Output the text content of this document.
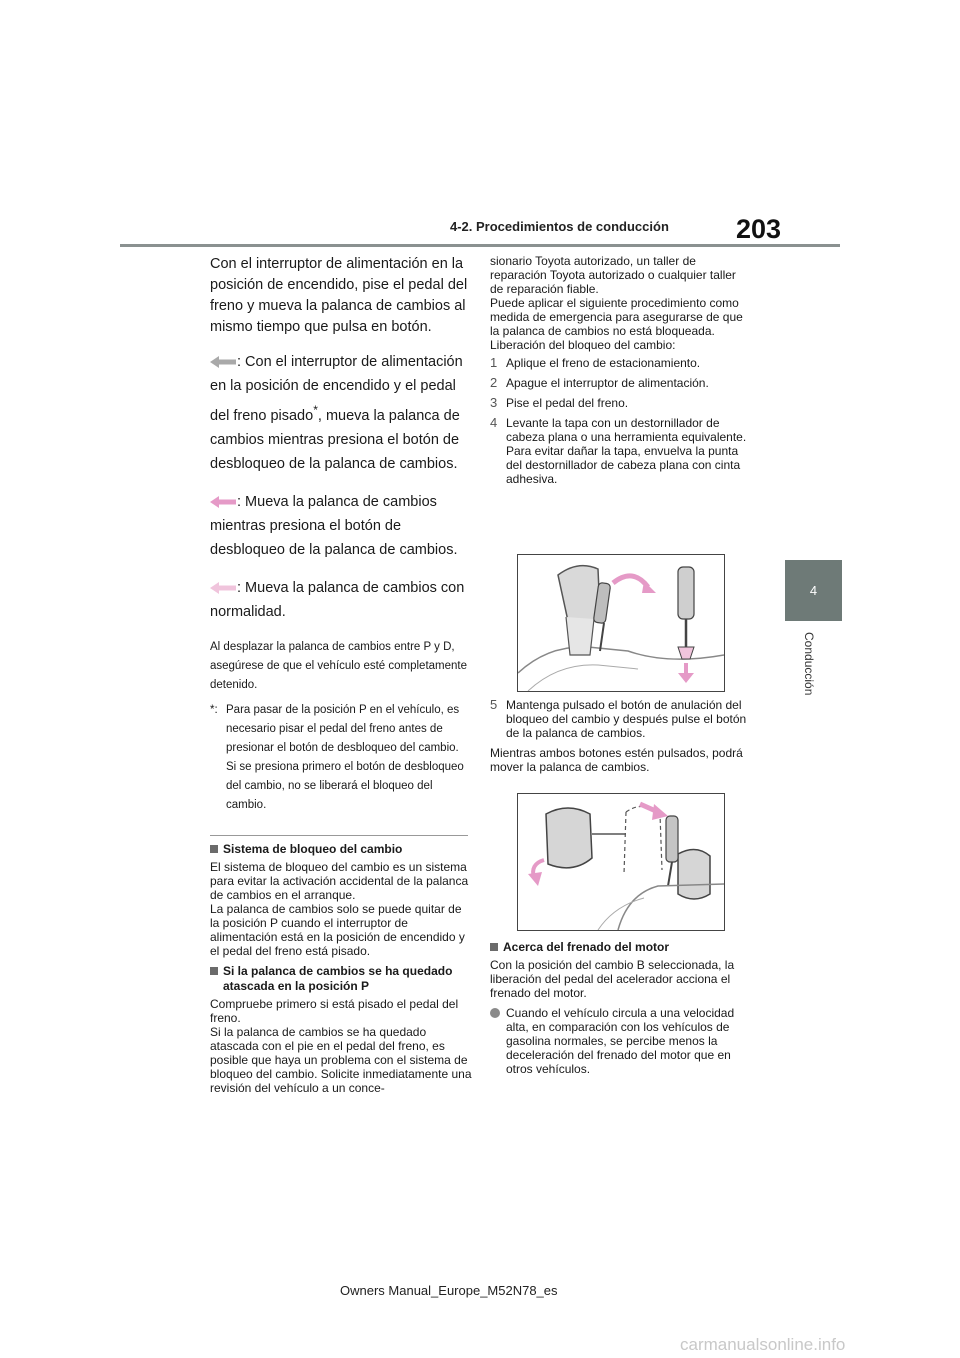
203
4-2. Procedimientos de conducción
4
Conducción

Con el interruptor de alimentación en la posición de encendido, pise el pedal del freno y mueva la palanca de cambios al mismo tiempo que pulsa en botón.

: Con el interruptor de alimentación en la posición de encendido y el pedal del freno pisado*, mueva la palanca de cambios mientras presiona el botón de desbloqueo de la palanca de cambios.

: Mueva la palanca de cambios mientras presiona el botón de desbloqueo de la palanca de cambios.

: Mueva la palanca de cambios con normalidad.

Al desplazar la palanca de cambios entre P y D, asegúrese de que el vehículo esté completamente detenido.

*: Para pasar de la posición P en el vehículo, es necesario pisar el pedal del freno antes de presionar el botón de desbloqueo del cambio. Si se presiona primero el botón de desbloqueo del cambio, no se liberará el bloqueo del cambio.
Sistema de bloqueo del cambio

El sistema de bloqueo del cambio es un sistema para evitar la activación accidental de la palanca de cambios en el arranque.
La palanca de cambios solo se puede quitar de la posición P cuando el interruptor de alimentación está en la posición de encendido y el pedal del freno está pisado.

Si la palanca de cambios se ha quedado atascada en la posición P

Compruebe primero si está pisado el pedal del freno.
Si la palanca de cambios se ha quedado atascada con el pie en el pedal del freno, es posible que haya un problema con el sistema de bloqueo del cambio. Solicite inmediatamente una revisión del vehículo a un conce-

sionario Toyota autorizado, un taller de reparación Toyota autorizado o cualquier taller de reparación fiable.
Puede aplicar el siguiente procedimiento como medida de emergencia para asegurarse de que la palanca de cambios no está bloqueada.
Liberación del bloqueo del cambio:

1 Aplique el freno de estacionamiento.
2 Apague el interruptor de alimentación.
3 Pise el pedal del freno.
4 Levante la tapa con un destornillador de cabeza plana o una herramienta equivalente.
Para evitar dañar la tapa, envuelva la punta del destornillador de cabeza plana con cinta adhesiva.
5 Mantenga pulsado el botón de anulación del bloqueo del cambio y después pulse el botón de la palanca de cambios.

Mientras ambos botones estén pulsados, podrá mover la palanca de cambios.

Acerca del frenado del motor

Con la posición del cambio B seleccionada, la liberación del pedal del acelerador acciona el frenado del motor.

Cuando el vehículo circula a una velocidad alta, en comparación con los vehículos de gasolina normales, se percibe menos la deceleración del frenado del motor que en otros vehículos.
Owners Manual_Europe_M52N78_es
carmanualsonline.info
